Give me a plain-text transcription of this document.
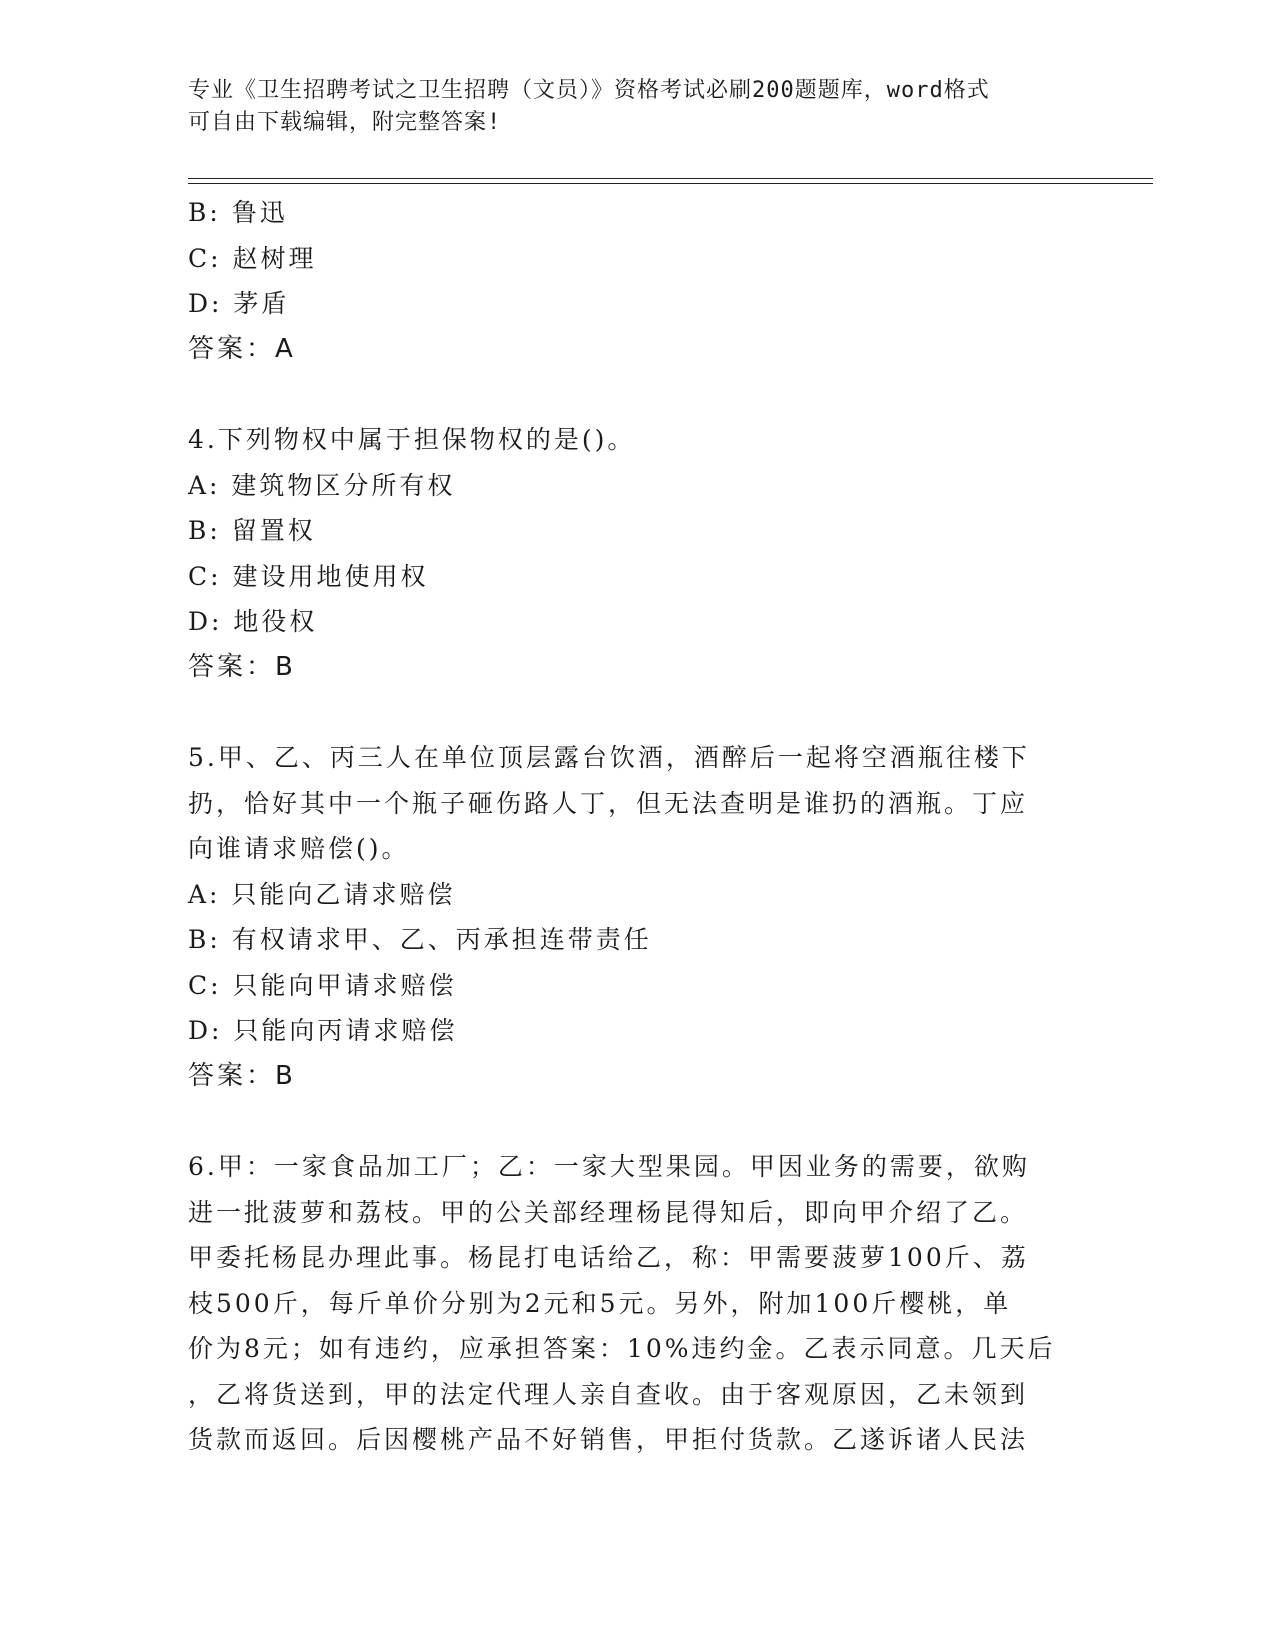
专业《卫生招聘考试之卫生招聘（文员）》资格考试必刷200题题库，word格式
可自由下载编辑，附完整答案!
B: 鲁迅
C: 赵树理
D: 茅盾
答案：A
4.下列物权中属于担保物权的是()。
A: 建筑物区分所有权
B: 留置权
C: 建设用地使用权
D: 地役权
答案：B
5.甲、乙、丙三人在单位顶层露台饮酒，酒醉后一起将空酒瓶往楼下
扔，恰好其中一个瓶子砸伤路人丁，但无法查明是谁扔的酒瓶。丁应
向谁请求赔偿()。
A: 只能向乙请求赔偿
B: 有权请求甲、乙、丙承担连带责任
C: 只能向甲请求赔偿
D: 只能向丙请求赔偿
答案：B
6.甲：一家食品加工厂；乙：一家大型果园。甲因业务的需要，欲购
进一批菠萝和荔枝。甲的公关部经理杨昆得知后，即向甲介绍了乙。
甲委托杨昆办理此事。杨昆打电话给乙，称：甲需要菠萝100斤、荔
枝500斤，每斤单价分别为2元和5元。另外，附加100斤樱桃，单
价为8元；如有违约，应承担答案：10%违约金。乙表示同意。几天后
，乙将货送到，甲的法定代理人亲自查收。由于客观原因，乙未领到
货款而返回。后因樱桃产品不好销售，甲拒付货款。乙遂诉诸人民法
